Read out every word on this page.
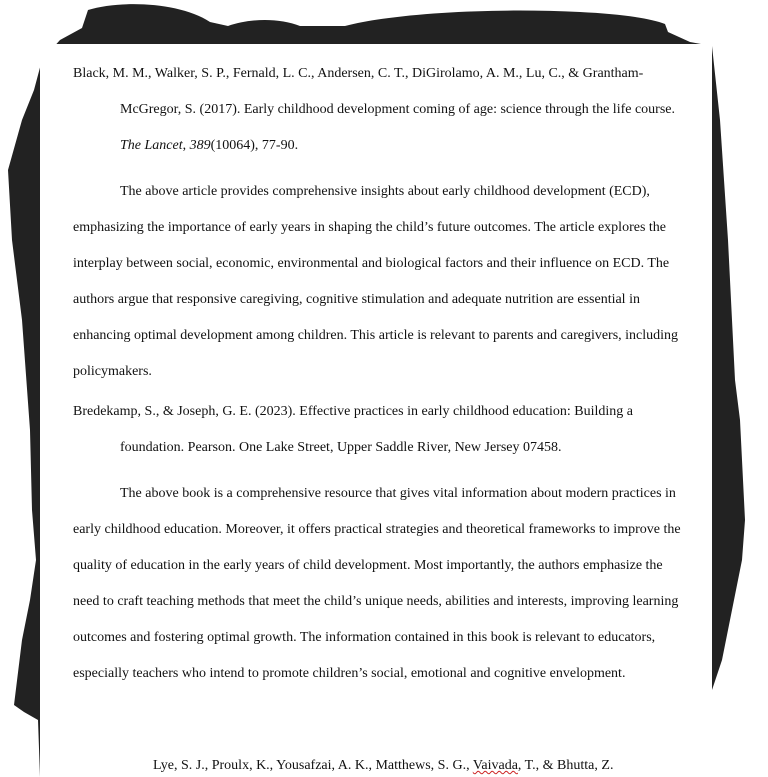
Black, M. M., Walker, S. P., Fernald, L. C., Andersen, C. T., DiGirolamo, A. M., Lu, C., & Grantham-McGregor, S. (2017). Early childhood development coming of age: science through the life course. The Lancet, 389(10064), 77-90.

The above article provides comprehensive insights about early childhood development (ECD), emphasizing the importance of early years in shaping the child’s future outcomes. The article explores the interplay between social, economic, environmental and biological factors and their influence on ECD. The authors argue that responsive caregiving, cognitive stimulation and adequate nutrition are essential in enhancing optimal development among children. This article is relevant to parents and caregivers, including policymakers.

Bredekamp, S., & Joseph, G. E. (2023). Effective practices in early childhood education: Building a foundation. Pearson. One Lake Street, Upper Saddle River, New Jersey 07458.

The above book is a comprehensive resource that gives vital information about modern practices in early childhood education. Moreover, it offers practical strategies and theoretical frameworks to improve the quality of education in the early years of child development. Most importantly, the authors emphasize the need to craft teaching methods that meet the child’s unique needs, abilities and interests, improving learning outcomes and fostering optimal growth. The information contained in this book is relevant to educators, especially teachers who intend to promote children’s social, emotional and cognitive envelopment.

Lye, S. J., Proulx, K., Yousafzai, A. K., Matthews, S. G., Vaivada, T., & Bhutta, Z.
